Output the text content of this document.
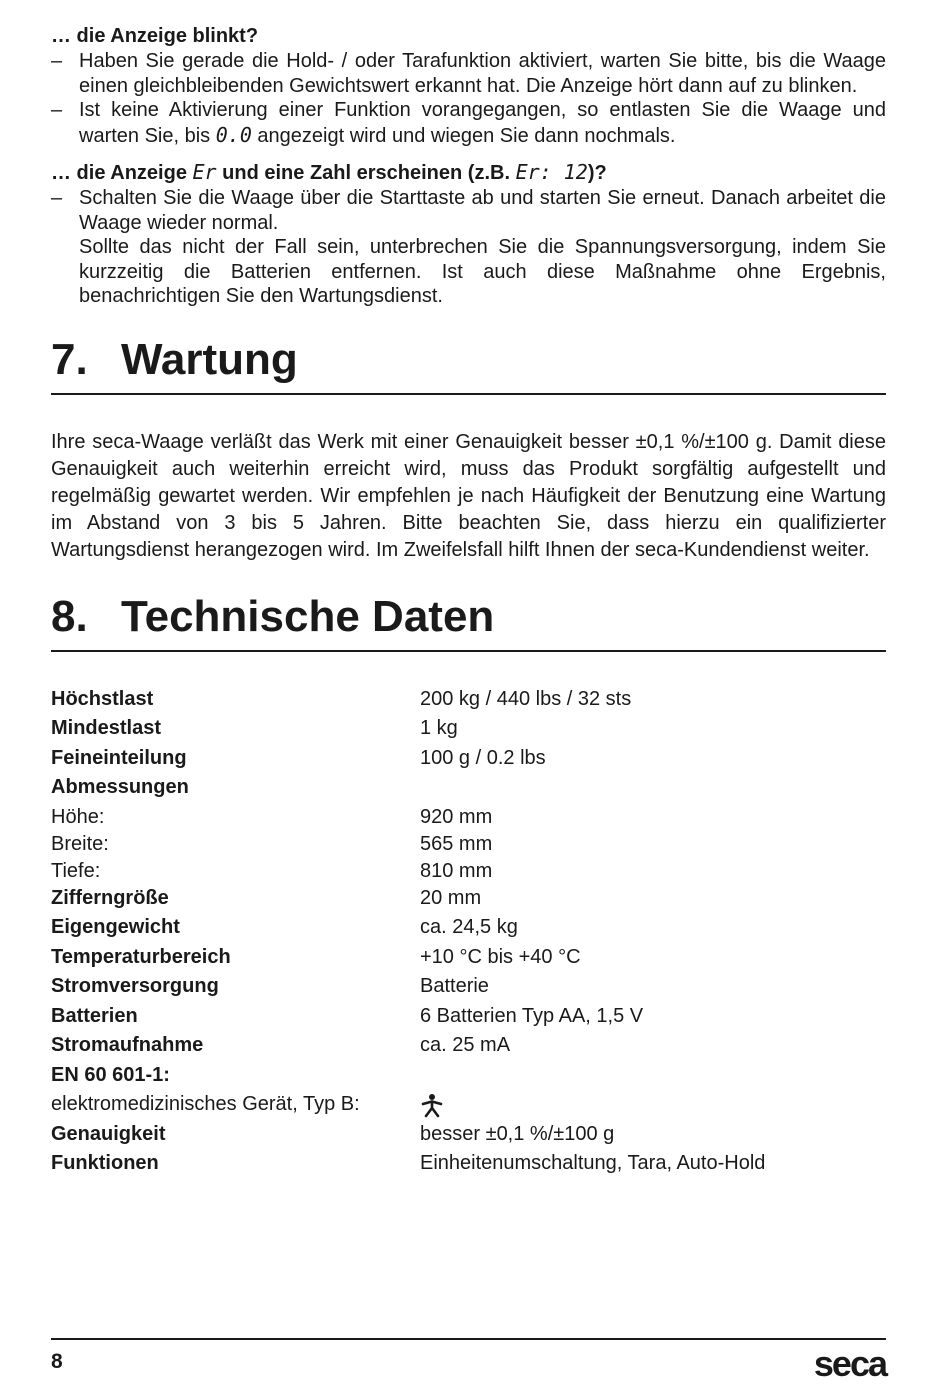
… die Anzeige blinkt?

– Haben Sie gerade die Hold- / oder Tarafunktion aktiviert, warten Sie bitte, bis die Waage einen gleichbleibenden Gewichtswert erkannt hat. Die Anzeige hört dann auf zu blinken.
– Ist keine Aktivierung einer Funktion vorangegangen, so entlasten Sie die Waage und warten Sie, bis 0.0 angezeigt wird und wiegen Sie dann nochmals.

… die Anzeige Er und eine Zahl erscheinen (z.B. Er: 12)?

– Schalten Sie die Waage über die Starttaste ab und starten Sie erneut. Danach arbeitet die Waage wieder normal.
Sollte das nicht der Fall sein, unterbrechen Sie die Spannungsversorgung, indem Sie kurzzeitig die Batterien entfernen. Ist auch diese Maßnahme ohne Ergebnis, benachrichtigen Sie den Wartungsdienst.
7. Wartung

Ihre seca-Waage verläßt das Werk mit einer Genauigkeit besser ±0,1 %/±100 g. Damit diese Genauigkeit auch weiterhin erreicht wird, muss das Produkt sorgfältig aufgestellt und regelmäßig gewartet werden. Wir empfehlen je nach Häufigkeit der Benutzung eine Wartung im Abstand von 3 bis 5 Jahren. Bitte beachten Sie, dass hierzu ein qualifizierter Wartungsdienst herangezogen wird. Im Zweifelsfall hilft Ihnen der seca-Kundendienst weiter.

8. Technische Daten
Höchstlast	200 kg / 440 lbs / 32 sts
Mindestlast	1 kg
Feineinteilung	100 g / 0.2 lbs
Abmessungen	
Höhe:	920 mm
Breite:	565 mm
Tiefe:	810 mm
Zifferngröße	20 mm
Eigengewicht	ca. 24,5 kg
Temperaturbereich	+10 °C bis +40 °C
Stromversorgung	Batterie
Batterien	6 Batterien Typ AA, 1,5 V
Stromaufnahme	ca. 25 mA
EN 60 601-1:	
elektromedizinisches Gerät, Typ B:	
Genauigkeit	besser ±0,1 %/±100 g
Funktionen	Einheitenumschaltung, Tara, Auto-Hold
8	seca
